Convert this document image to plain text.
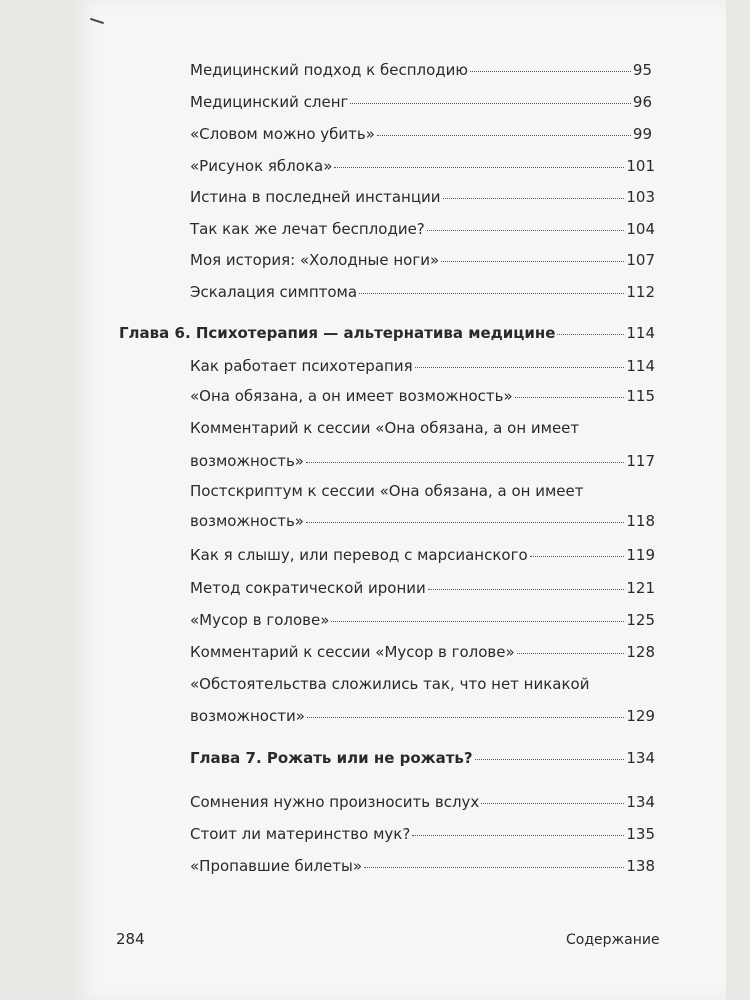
Медицинский подход к бесплодию	95
Медицинский сленг	96
«Словом можно убить»	99
«Рисунок яблока»	101
Истина в последней инстанции	103
Так как же лечат бесплодие?	104
Моя история: «Холодные ноги»	107
Эскалация симптома	112
Глава 6. Психотерапия — альтернатива медицине	114
Как работает психотерапия	114
«Она обязана, а он имеет возможность»	115
Комментарий к сессии «Она обязана, а он имеет
возможность»	117
Постскриптум к сессии «Она обязана, а он имеет
возможность»	118
Как я слышу, или перевод с марсианского	119
Метод сократической иронии	121
«Мусор в голове»	125
Комментарий к сессии «Мусор в голове»	128
«Обстоятельства сложились так, что нет никакой
возможности»	129
Глава 7. Рожать или не рожать?	134
Сомнения нужно произносить вслух	134
Стоит ли материнство мук?	135
«Пропавшие билеты»	138
284	Содержание
